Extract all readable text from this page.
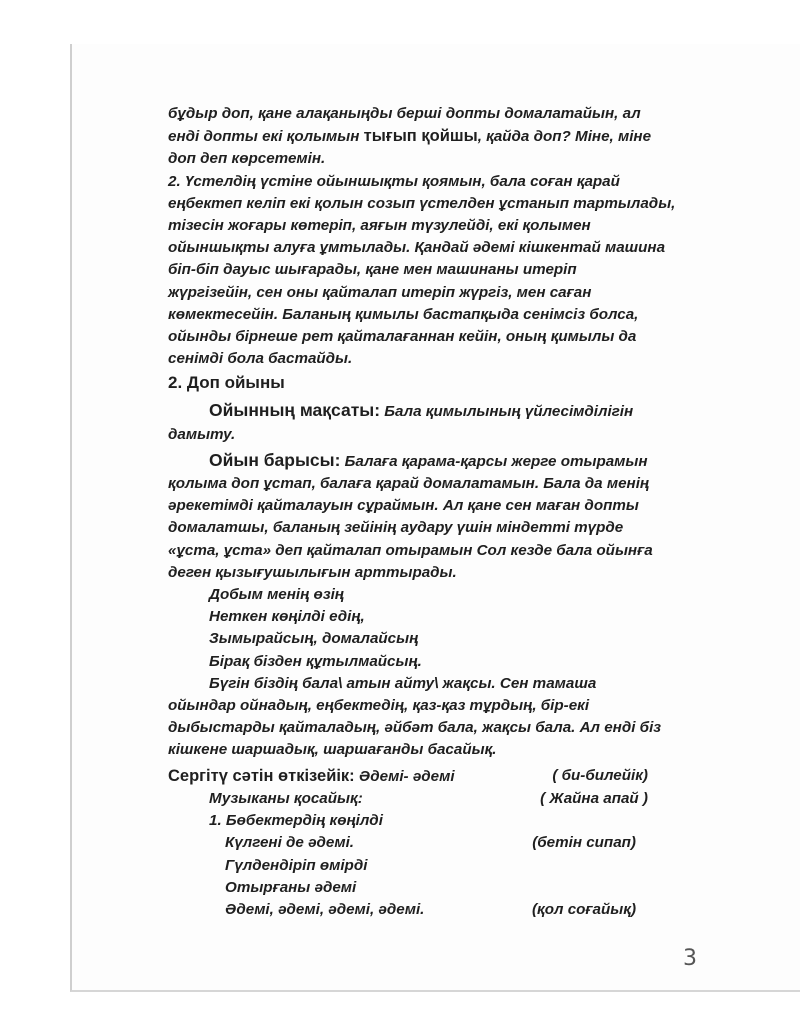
бұдыр доп, қане алақаныңды берші допты домалатайын, ал
енді допты екі қолымын тығып қойшы, қайда доп? Міне, міне
доп деп көрсетемін.
2. Үстелдің үстіне ойыншықты қоямын, бала соған қарай
еңбектеп келіп екі қолын созып үстелден ұстанып тартылады,
тізесін жоғары көтеріп, аяғын түзулейді, екі қолымен
ойыншықты алуға ұмтылады. Қандай әдемі кішкентай машина
біп-біп дауыс шығарады, қане мен машинаны итеріп
жүргізейін, сен оны қайталап итеріп жүргіз, мен саған
көмектесейін. Баланың қимылы бастапқыда сенімсіз болса,
ойынды бірнеше рет қайталағаннан кейін, оның қимылы да
сенімді бола бастайды.
2. Доп ойыны
Ойынның мақсаты: Бала қимылының үйлесімділігін
дамыту.
Ойын барысы: Балаға қарама-қарсы жерге отырамын
қолыма доп ұстап, балаға қарай домалатамын. Бала да менің
әрекетімді қайталауын сұраймын. Ал қане сен маған допты
домалатшы, баланың зейінің аудару үшін міндетті түрде
«ұста, ұста» деп қайталап отырамын Сол кезде бала ойынға
деген қызығушылығын арттырады.
Добым менің өзің
Неткен көңілді едің,
Зымырайсың, домалайсың
Бірақ бізден құтылмайсың.
Бүгін біздің бала\ атын айту\ жақсы. Сен тамаша
ойындар ойнадың, еңбектедің, қаз-қаз тұрдың, бір-екі
дыбыстарды қайталадың, әйбәт бала, жақсы бала. Ал енді біз
кішкене шаршадық, шаршағанды басайық.
Сергітү сәтін өткізейік: Әдемі- әдемі	( би-билейік)
Музыканы қосайық:	( Жайна апай )
1. Бөбектердің көңілді
Күлгені де әдемі.	(бетін сипап)
Гүлдендіріп өмірді
Отырғаны әдемі
Әдемі, әдемі, әдемі, әдемі.	(қол соғайық)
3
